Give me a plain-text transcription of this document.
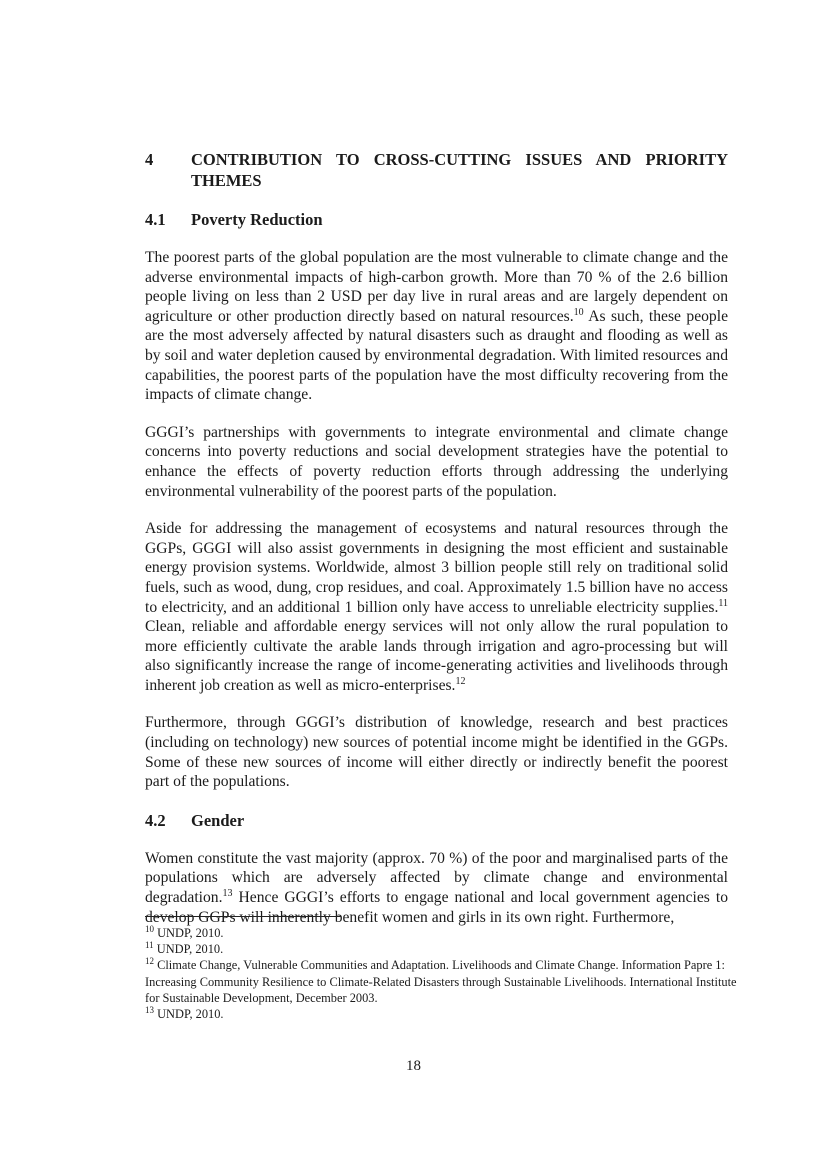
4 CONTRIBUTION TO CROSS-CUTTING ISSUES AND PRIORITY THEMES
4.1 Poverty Reduction

The poorest parts of the global population are the most vulnerable to climate change and the adverse environmental impacts of high-carbon growth. More than 70 % of the 2.6 billion people living on less than 2 USD per day live in rural areas and are largely dependent on agriculture or other production directly based on natural resources.$^{10}$ As such, these people are the most adversely affected by natural disasters such as draught and flooding as well as by soil and water depletion caused by environmental degradation. With limited resources and capabilities, the poorest parts of the population have the most difficulty recovering from the impacts of climate change.

GGGI’s partnerships with governments to integrate environmental and climate change concerns into poverty reductions and social development strategies have the potential to enhance the effects of poverty reduction efforts through addressing the underlying environmental vulnerability of the poorest parts of the population.

Aside for addressing the management of ecosystems and natural resources through the GGPs, GGGI will also assist governments in designing the most efficient and sustainable energy provision systems. Worldwide, almost 3 billion people still rely on traditional solid fuels, such as wood, dung, crop residues, and coal. Approximately 1.5 billion have no access to electricity, and an additional 1 billion only have access to unreliable electricity supplies.$^{11}$ Clean, reliable and affordable energy services will not only allow the rural population to more efficiently cultivate the arable lands through irrigation and agro-processing but will also significantly increase the range of income-generating activities and livelihoods through inherent job creation as well as micro-enterprises.$^{12}$

Furthermore, through GGGI’s distribution of knowledge, research and best practices (including on technology) new sources of potential income might be identified in the GGPs. Some of these new sources of income will either directly or indirectly benefit the poorest part of the populations.

4.2 Gender

Women constitute the vast majority (approx. 70 %) of the poor and marginalised parts of the populations which are adversely affected by climate change and environmental degradation.$^{13}$ Hence GGGI’s efforts to engage national and local government agencies to develop GGPs will inherently benefit women and girls in its own right. Furthermore,

$^{10}$ UNDP, 2010.
$^{11}$ UNDP, 2010.
$^{12}$ Climate Change, Vulnerable Communities and Adaptation. Livelihoods and Climate Change. Information Papre 1: Increasing Community Resilience to Climate-Related Disasters through Sustainable Livelihoods. International Institute for Sustainable Development, December 2003.
$^{13}$ UNDP, 2010.
18
